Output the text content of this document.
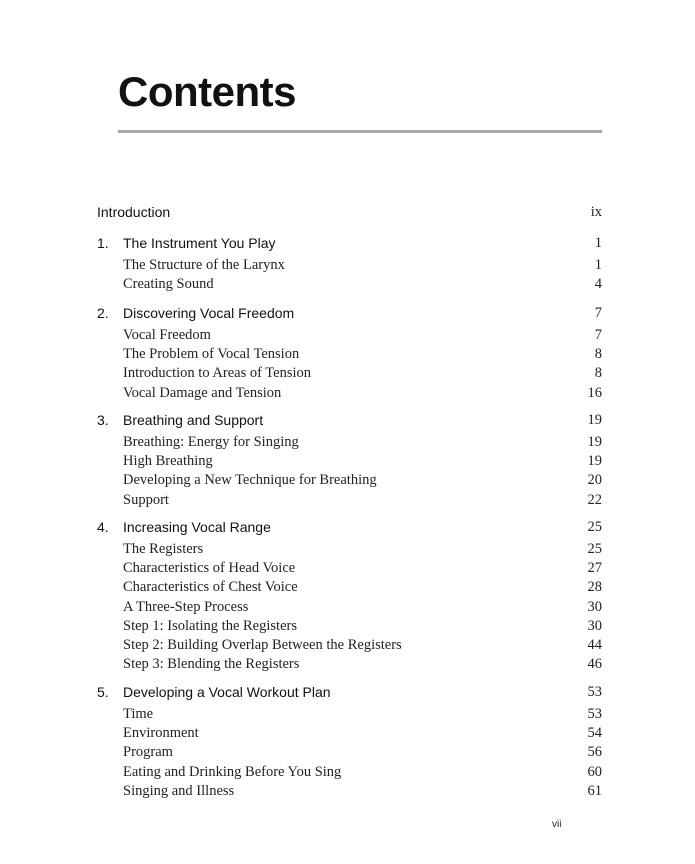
Contents
Introduction	ix
1. The Instrument You Play	1
The Structure of the Larynx	1
Creating Sound	4
2. Discovering Vocal Freedom	7
Vocal Freedom	7
The Problem of Vocal Tension	8
Introduction to Areas of Tension	8
Vocal Damage and Tension	16
3. Breathing and Support	19
Breathing: Energy for Singing	19
High Breathing	19
Developing a New Technique for Breathing	20
Support	22
4. Increasing Vocal Range	25
The Registers	25
Characteristics of Head Voice	27
Characteristics of Chest Voice	28
A Three-Step Process	30
Step 1: Isolating the Registers	30
Step 2: Building Overlap Between the Registers	44
Step 3: Blending the Registers	46
5. Developing a Vocal Workout Plan	53
Time	53
Environment	54
Program	56
Eating and Drinking Before You Sing	60
Singing and Illness	61
vii
